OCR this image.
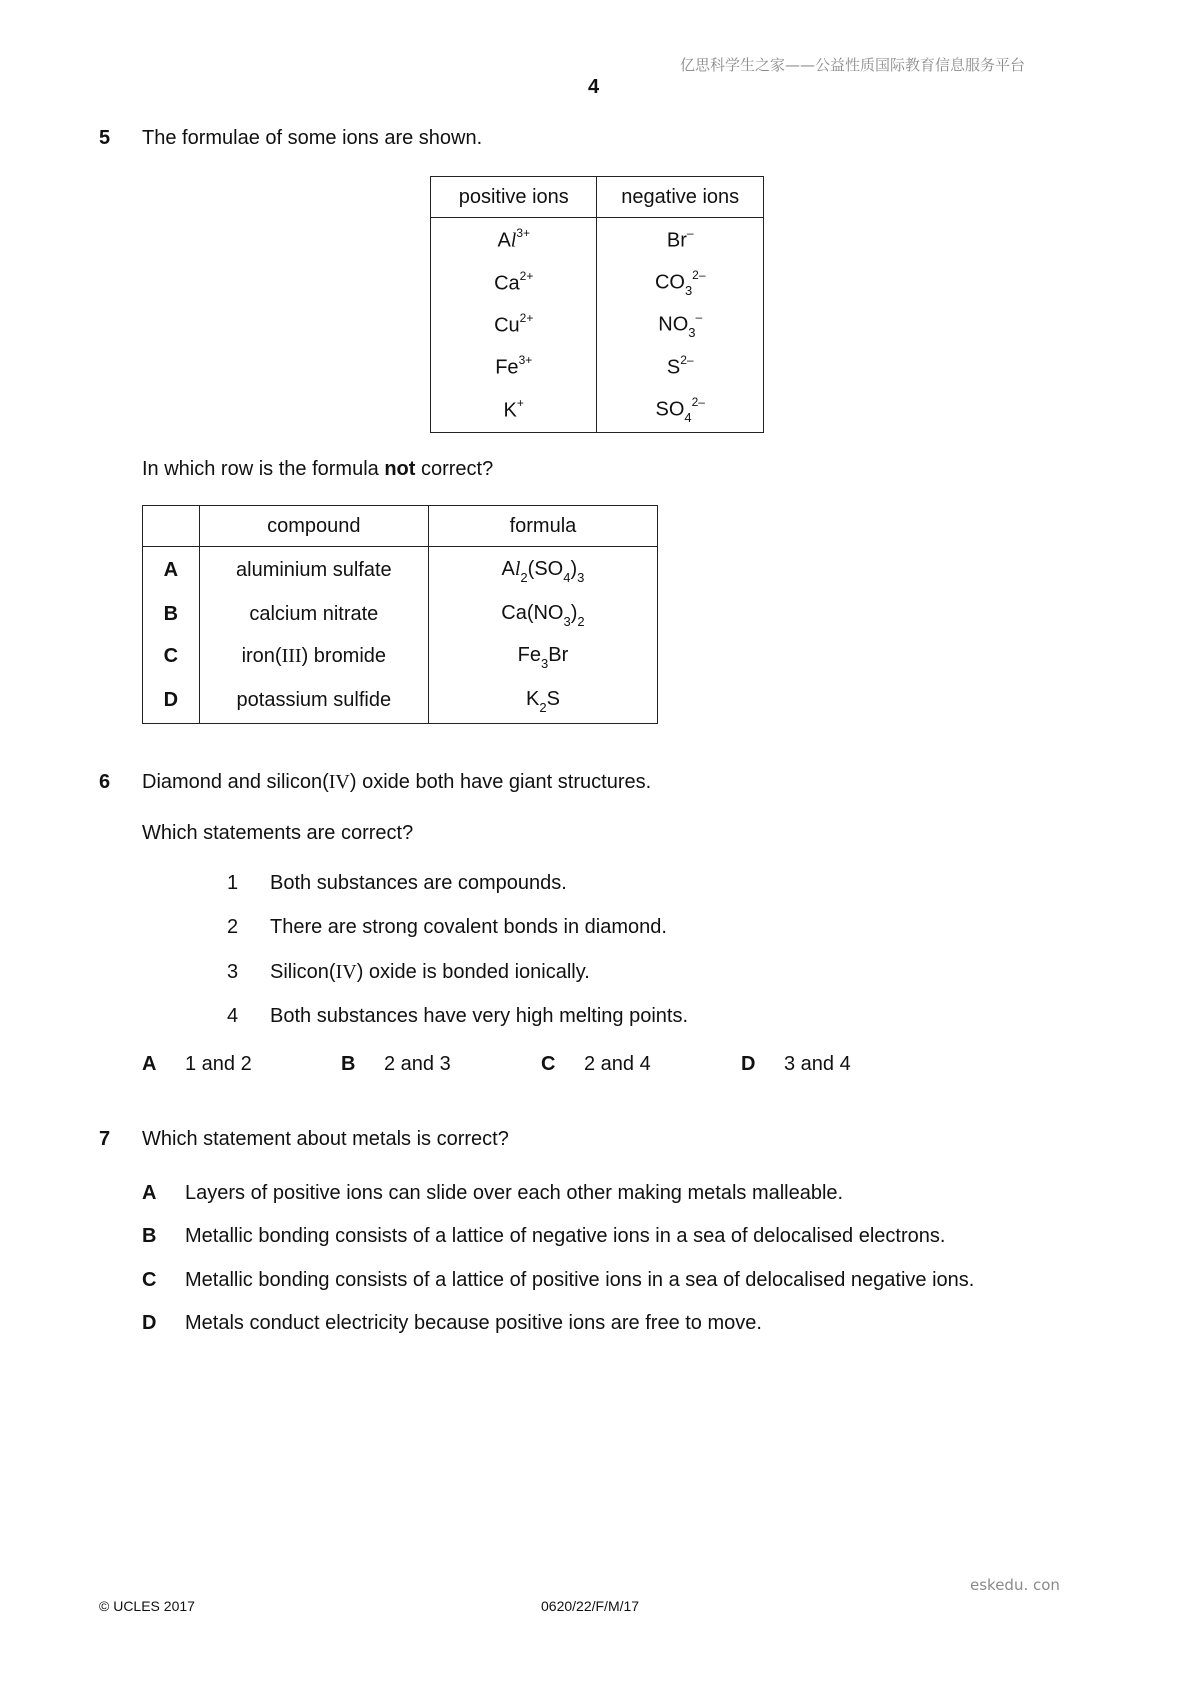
亿思科学生之家——公益性质国际教育信息服务平台
4
5 The formulae of some ions are shown.
positive ions	negative ions
$Al^{3+}$	Br–
$Ca^{2+}$	$CO_3^{2-}$
$Cu^{2+}$	$NO_3^-$
$Fe^{3+}$	$S^{2-}$
K+	$SO_4^{2-}$
In which row is the formula not correct?
	compound	formula
A	aluminium sulfate	$Al_2(SO_4)_3$
B	calcium nitrate	$Ca(NO_3)_2$
C	iron(III) bromide	$Fe_3Br$
D	potassium sulfide	$K_2S$
6 Diamond and silicon(IV) oxide both have giant structures.
Which statements are correct?
1 Both substances are compounds.
2 There are strong covalent bonds in diamond.
3 Silicon(IV) oxide is bonded ionically.
4 Both substances have very high melting points.
A 1 and 2	B 2 and 3	C 2 and 4	D 3 and 4
7 Which statement about metals is correct?
A Layers of positive ions can slide over each other making metals malleable.
B Metallic bonding consists of a lattice of negative ions in a sea of delocalised electrons.
C Metallic bonding consists of a lattice of positive ions in a sea of delocalised negative ions.
D Metals conduct electricity because positive ions are free to move.
eskedu. con
© UCLES 2017	0620/22/F/M/17
